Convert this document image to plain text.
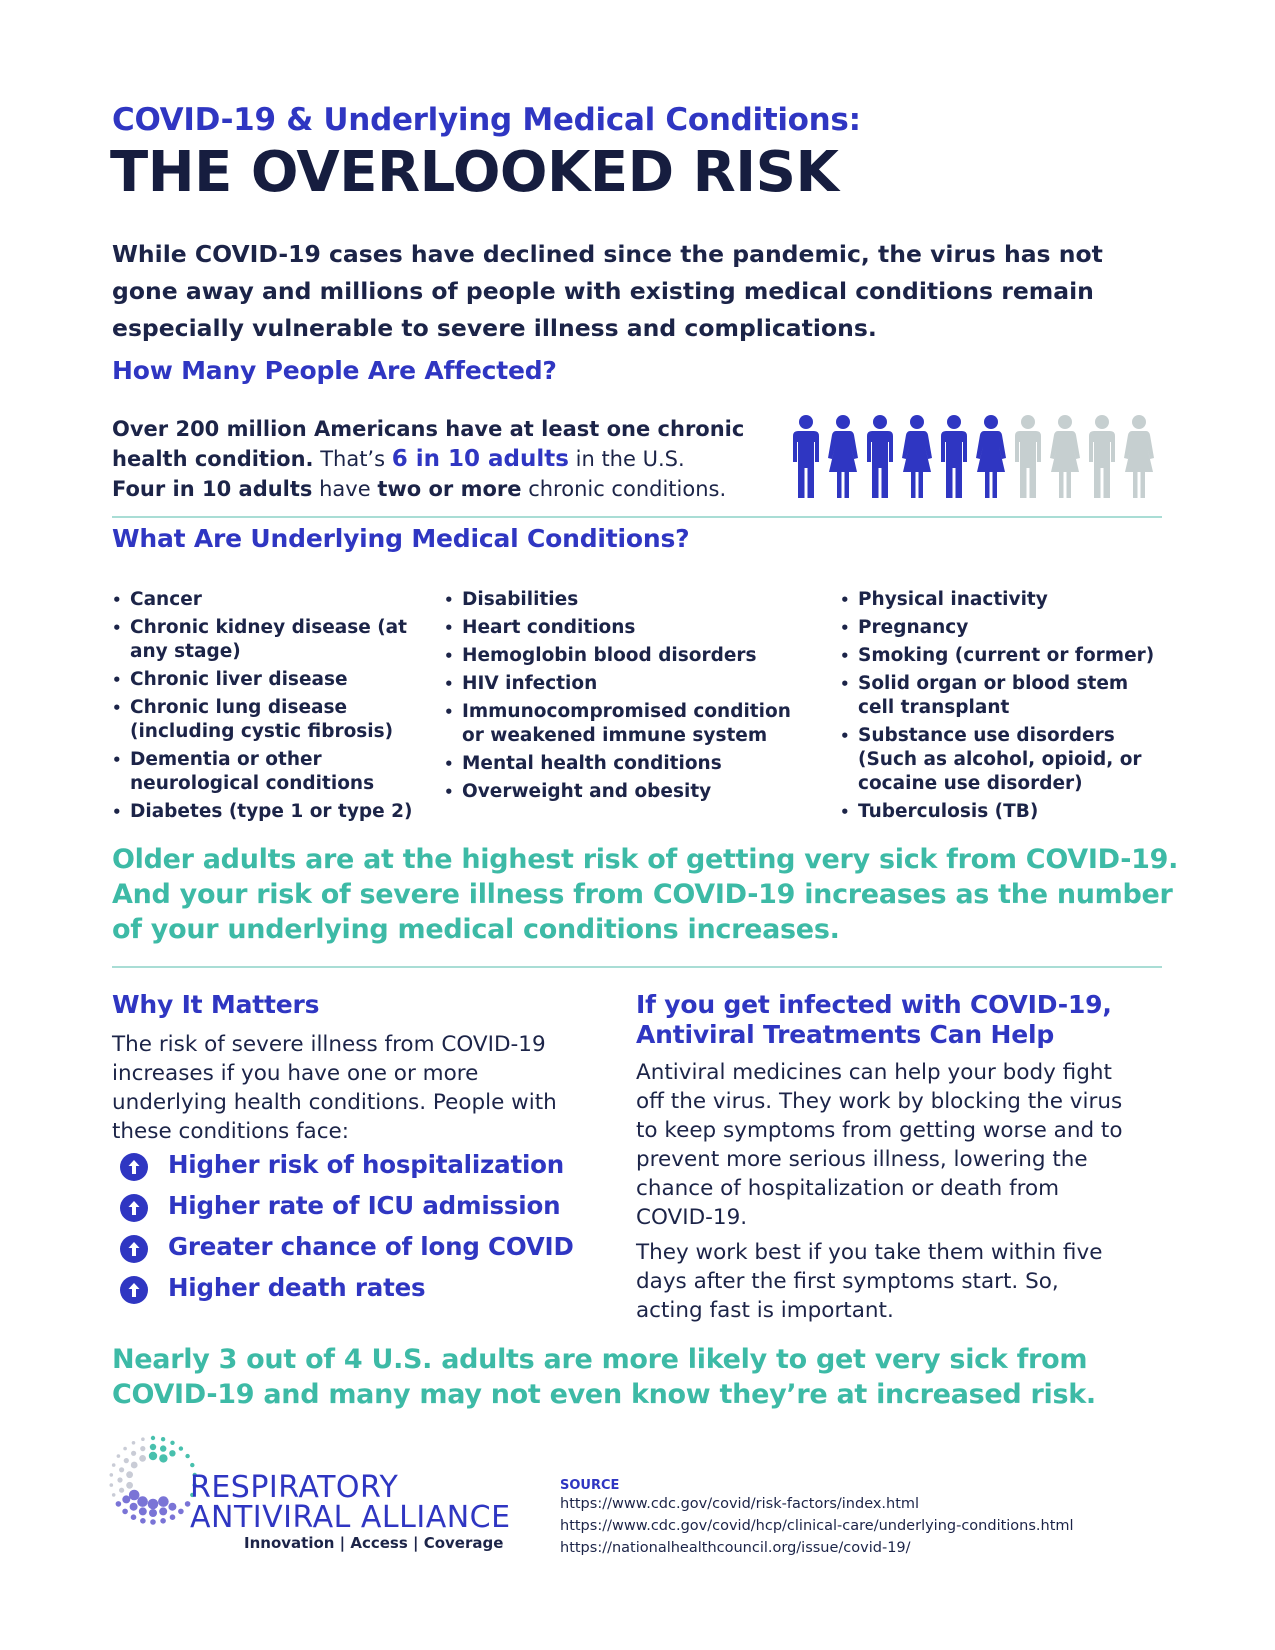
COVID-19 & Underlying Medical Conditions:
THE OVERLOOKED RISK
While COVID-19 cases have declined since the pandemic, the virus has not gone away and millions of people with existing medical conditions remain especially vulnerable to severe illness and complications.
How Many People Are Affected?
Over 200 million Americans have at least one chronic
health condition. That’s 6 in 10 adults in the U.S.
Four in 10 adults have two or more chronic conditions.
What Are Underlying Medical Conditions?
• Cancer
• Chronic kidney disease (at any stage)
• Chronic liver disease
• Chronic lung disease (including cystic fibrosis)
• Dementia or other neurological conditions
• Diabetes (type 1 or type 2)
• Disabilities
• Heart conditions
• Hemoglobin blood disorders
• HIV infection
• Immunocompromised condition or weakened immune system
• Mental health conditions
• Overweight and obesity
• Physical inactivity
• Pregnancy
• Smoking (current or former)
• Solid organ or blood stem cell transplant
• Substance use disorders (Such as alcohol, opioid, or cocaine use disorder)
• Tuberculosis (TB)
Older adults are at the highest risk of getting very sick from COVID-19. And your risk of severe illness from COVID-19 increases as the number of your underlying medical conditions increases.
Why It Matters
The risk of severe illness from COVID-19 increases if you have one or more underlying health conditions. People with these conditions face:
Higher risk of hospitalization
Higher rate of ICU admission
Greater chance of long COVID
Higher death rates
If you get infected with COVID-19,
Antiviral Treatments Can Help
Antiviral medicines can help your body fight off the virus. They work by blocking the virus to keep symptoms from getting worse and to prevent more serious illness, lowering the chance of hospitalization or death from COVID-19.
They work best if you take them within five days after the first symptoms start. So, acting fast is important.
Nearly 3 out of 4 U.S. adults are more likely to get very sick from COVID-19 and many may not even know they’re at increased risk.
RESPIRATORY
ANTIVIRAL ALLIANCE
Innovation | Access | Coverage
SOURCE
https://www.cdc.gov/covid/risk-factors/index.html
https://www.cdc.gov/covid/hcp/clinical-care/underlying-conditions.html
https://nationalhealthcouncil.org/issue/covid-19/
